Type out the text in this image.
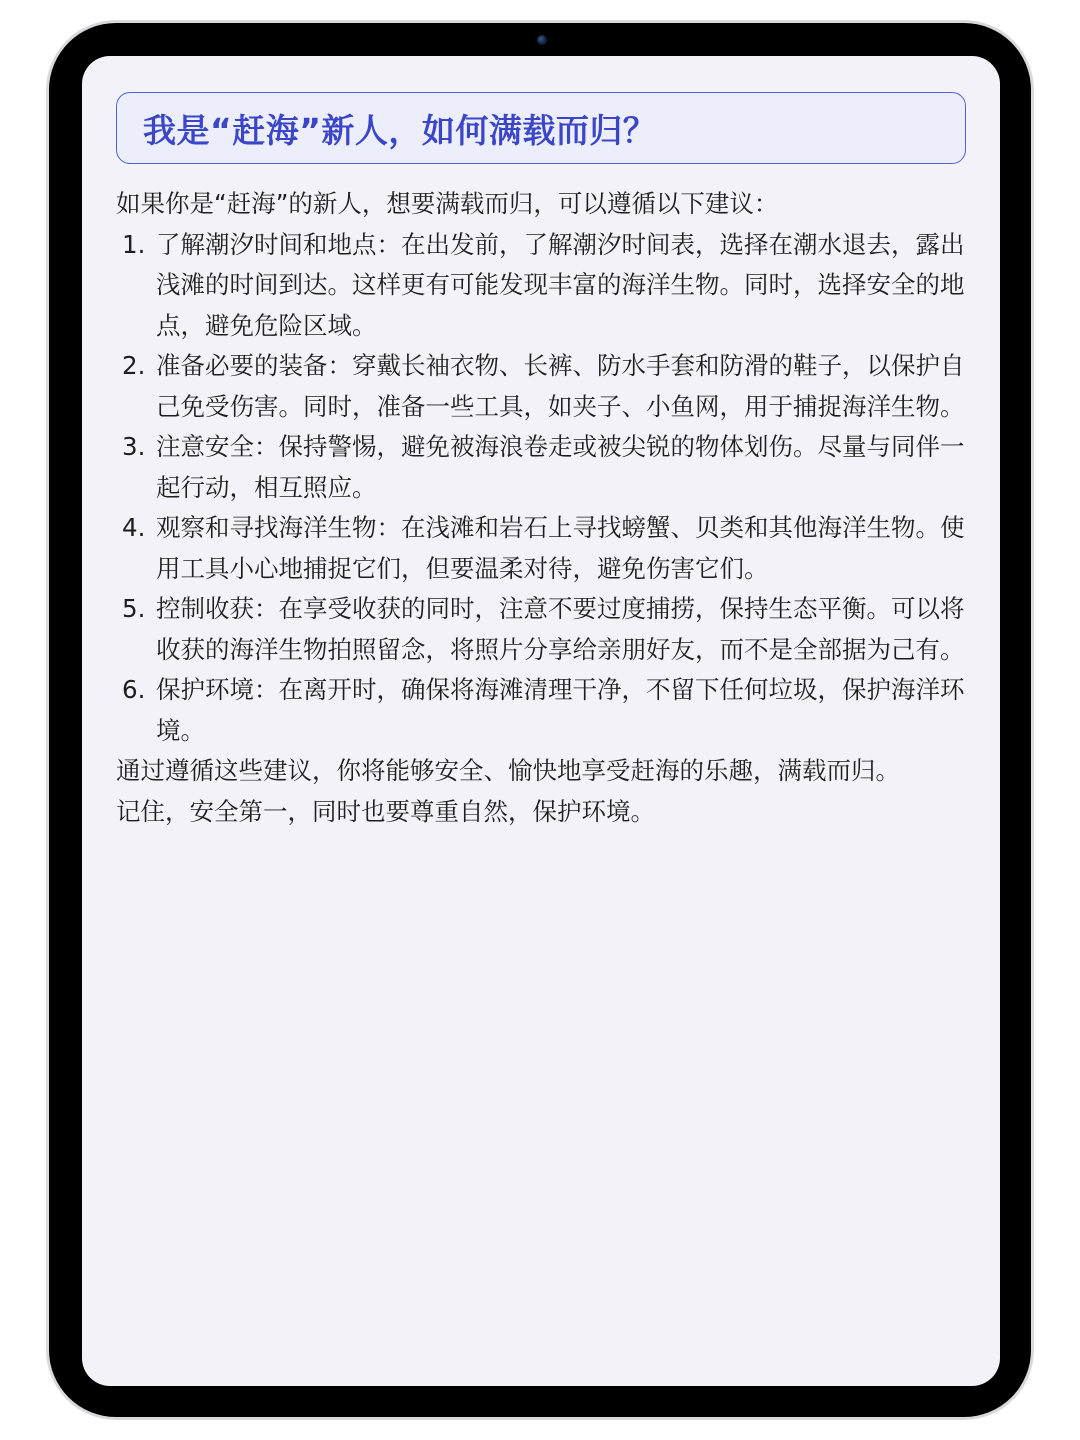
我是“赶海”新人，如何满载而归？
如果你是“赶海”的新人，想要满载而归，可以遵循以下建议：
1. 了解潮汐时间和地点：在出发前，了解潮汐时间表，选择在潮水退去，露出浅滩的时间到达。这样更有可能发现丰富的海洋生物。同时，选择安全的地点，避免危险区域。
2. 准备必要的装备：穿戴长袖衣物、长裤、防水手套和防滑的鞋子，以保护自己免受伤害。同时，准备一些工具，如夹子、小鱼网，用于捕捉海洋生物。
3. 注意安全：保持警惕，避免被海浪卷走或被尖锐的物体划伤。尽量与同伴一起行动，相互照应。
4. 观察和寻找海洋生物：在浅滩和岩石上寻找螃蟹、贝类和其他海洋生物。使用工具小心地捕捉它们，但要温柔对待，避免伤害它们。
5. 控制收获：在享受收获的同时，注意不要过度捕捞，保持生态平衡。可以将收获的海洋生物拍照留念，将照片分享给亲朋好友，而不是全部据为己有。
6. 保护环境：在离开时，确保将海滩清理干净，不留下任何垃圾，保护海洋环境。
通过遵循这些建议，你将能够安全、愉快地享受赶海的乐趣，满载而归。
记住，安全第一，同时也要尊重自然，保护环境。
